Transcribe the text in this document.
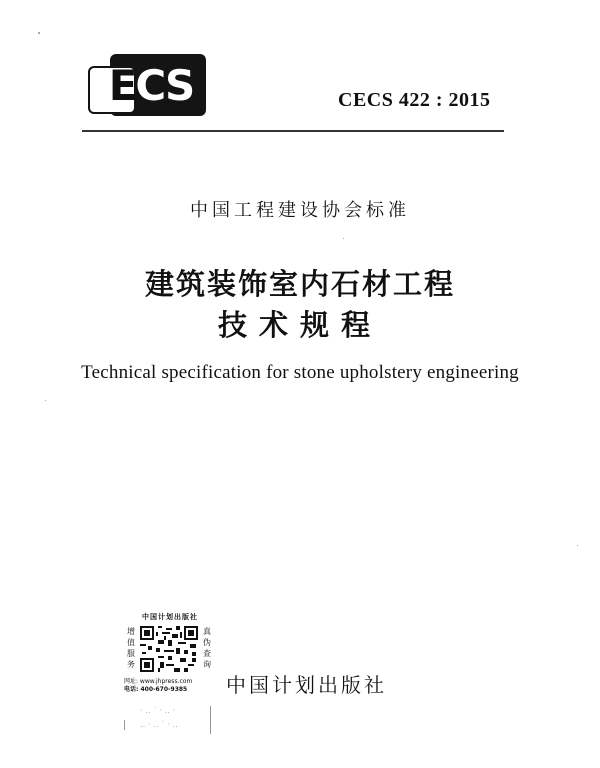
ECS	CECS 422 : 2015
中国工程建设协会标准
建筑装饰室内石材工程
技术规程
Technical specification for stone upholstery engineering
中国计划出版社
增
值
服
务
真
伪
查
询
网址: www.jhpress.com
电话: 400-670-9385
· ‥ ˙ · ‥ ·
‥ · ‥ ˙ · ‥
中国计划出版社
